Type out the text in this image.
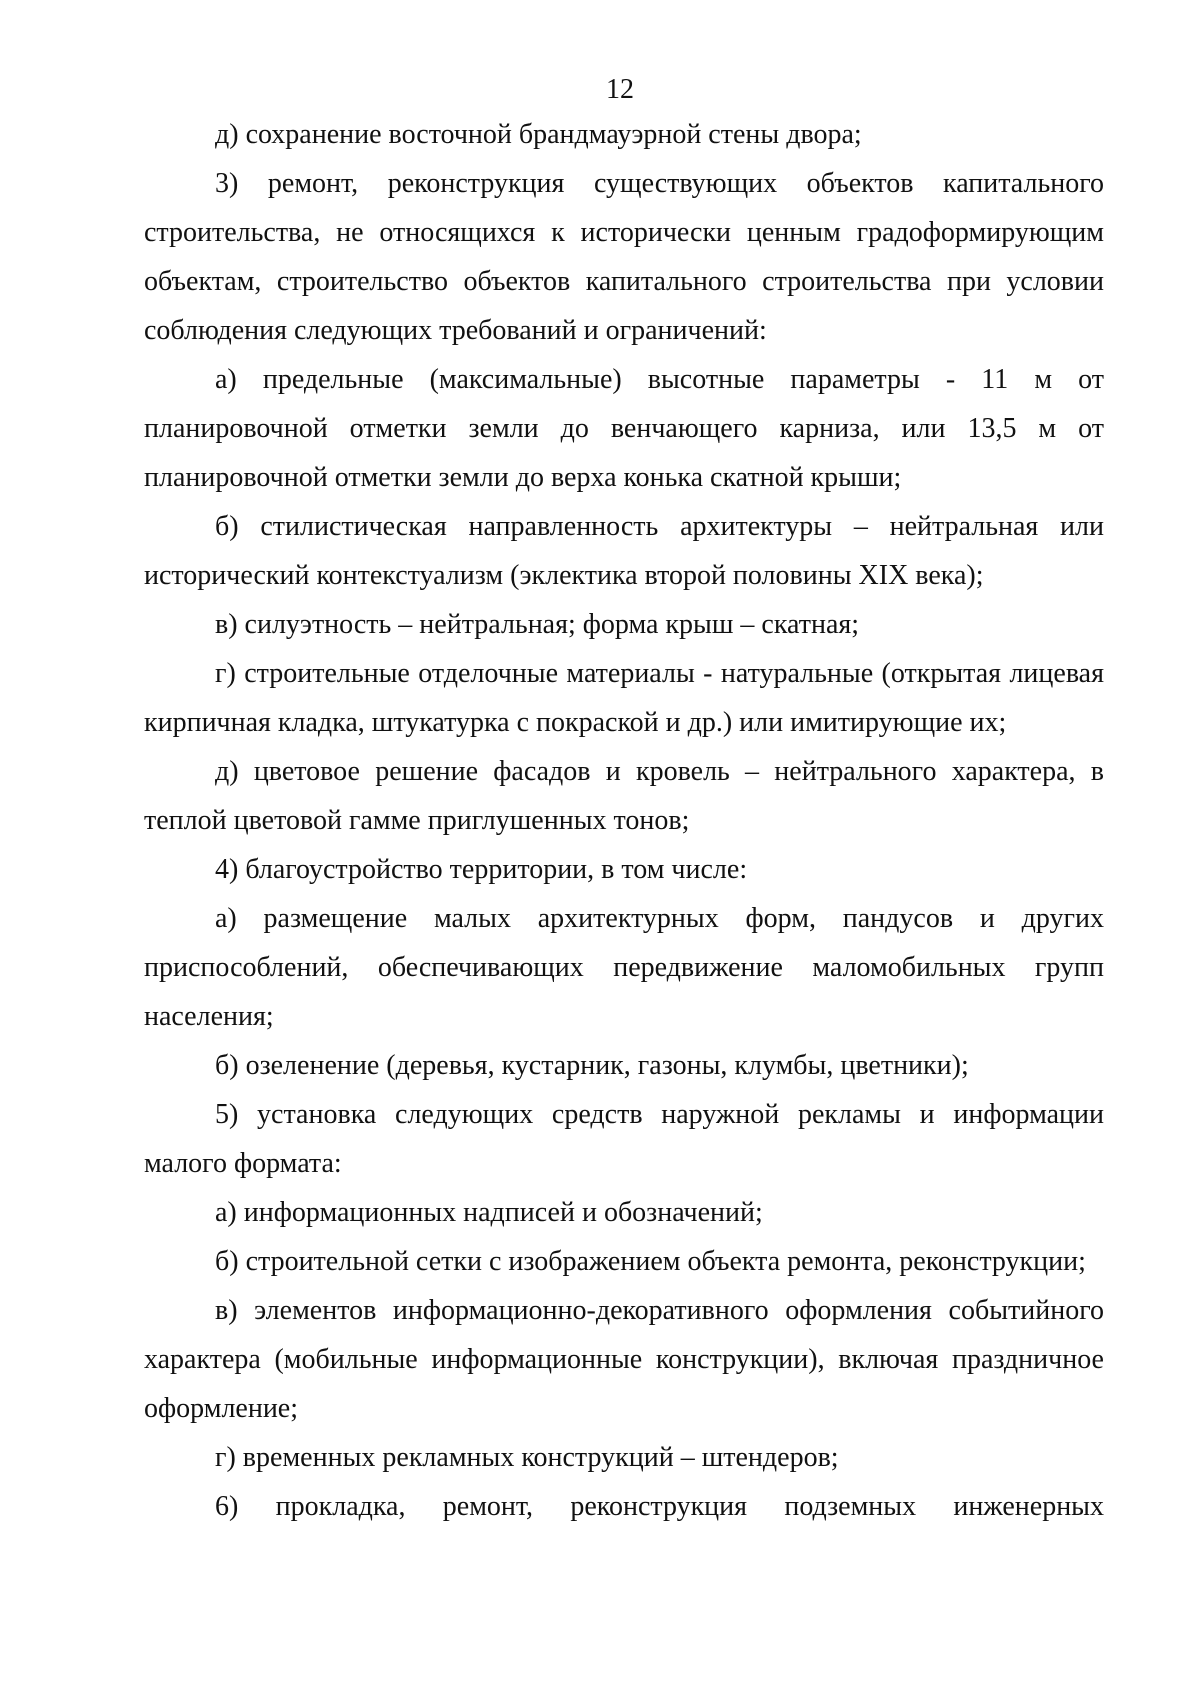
12

д) сохранение восточной брандмауэрной стены двора;

3) ремонт, реконструкция существующих объектов капитального строительства, не относящихся к исторически ценным градоформирующим объектам, строительство объектов капитального строительства при условии соблюдения следующих требований и ограничений:

а) предельные (максимальные) высотные параметры - 11 м от планировочной отметки земли до венчающего карниза, или 13,5 м от планировочной отметки земли до верха конька скатной крыши;

б) стилистическая направленность архитектуры – нейтральная или исторический контекстуализм (эклектика второй половины XIX века);

в) силуэтность – нейтральная; форма крыш – скатная;

г) строительные отделочные материалы - натуральные (открытая лицевая кирпичная кладка, штукатурка с покраской и др.) или имитирующие их;

д) цветовое решение фасадов и кровель – нейтрального характера, в теплой цветовой гамме приглушенных тонов;

4) благоустройство территории, в том числе:

а) размещение малых архитектурных форм, пандусов и других приспособлений, обеспечивающих передвижение маломобильных групп населения;

б) озеленение (деревья, кустарник, газоны, клумбы, цветники);

5) установка следующих средств наружной рекламы и информации малого формата:

а) информационных надписей и обозначений;

б) строительной сетки с изображением объекта ремонта, реконструкции;

в) элементов информационно-декоративного оформления событийного характера (мобильные информационные конструкции), включая праздничное оформление;

г) временных рекламных конструкций – штендеров;

6) прокладка, ремонт, реконструкция подземных инженерных
